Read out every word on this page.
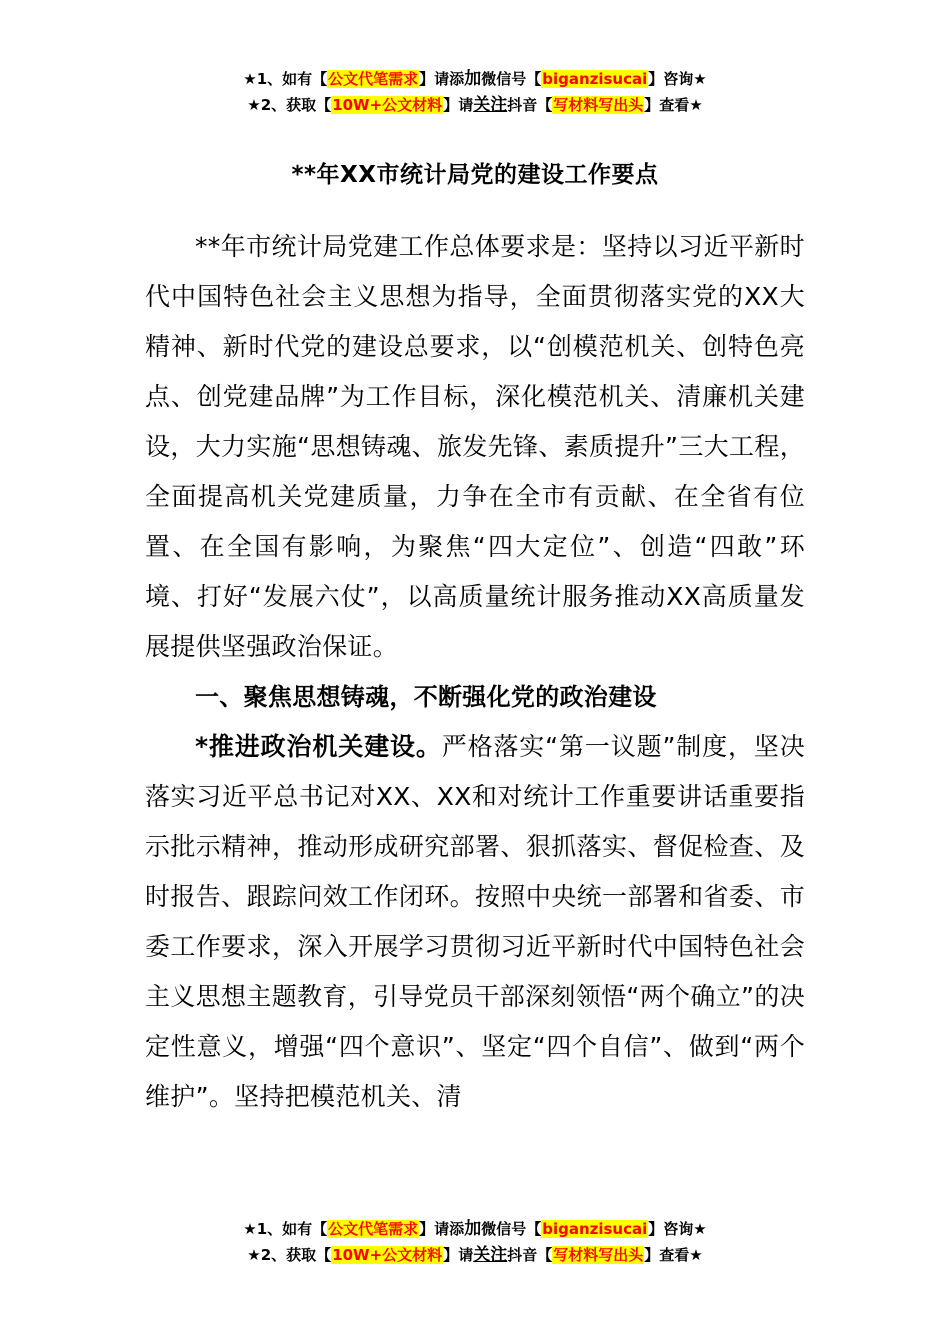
★1、如有【公文代笔需求】请添加微信号【biganzisucai】咨询★
★2、获取【10W+公文材料】请关注抖音【写材料写出头】查看★
**年XX市统计局党的建设工作要点

**年市统计局党建工作总体要求是：坚持以习近平新时代中国特色社会主义思想为指导，全面贯彻落实党的XX大精神、新时代党的建设总要求，以“创模范机关、创特色亮点、创党建品牌”为工作目标，深化模范机关、清廉机关建设，大力实施“思想铸魂、旅发先锋、素质提升”三大工程，全面提高机关党建质量，力争在全市有贡献、在全省有位置、在全国有影响，为聚焦“四大定位”、创造“四敢”环境、打好“发展六仗”，以高质量统计服务推动XX高质量发展提供坚强政治保证。

一、聚焦思想铸魂，不断强化党的政治建设

*推进政治机关建设。严格落实“第一议题”制度，坚决落实习近平总书记对XX、XX和对统计工作重要讲话重要指示批示精神，推动形成研究部署、狠抓落实、督促检查、及时报告、跟踪问效工作闭环。按照中央统一部署和省委、市委工作要求，深入开展学习贯彻习近平新时代中国特色社会主义思想主题教育，引导党员干部深刻领悟“两个确立”的决定性意义，增强“四个意识”、坚定“四个自信”、做到“两个维护”。坚持把模范机关、清

★1、如有【公文代笔需求】请添加微信号【biganzisucai】咨询★
★2、获取【10W+公文材料】请关注抖音【写材料写出头】查看★
